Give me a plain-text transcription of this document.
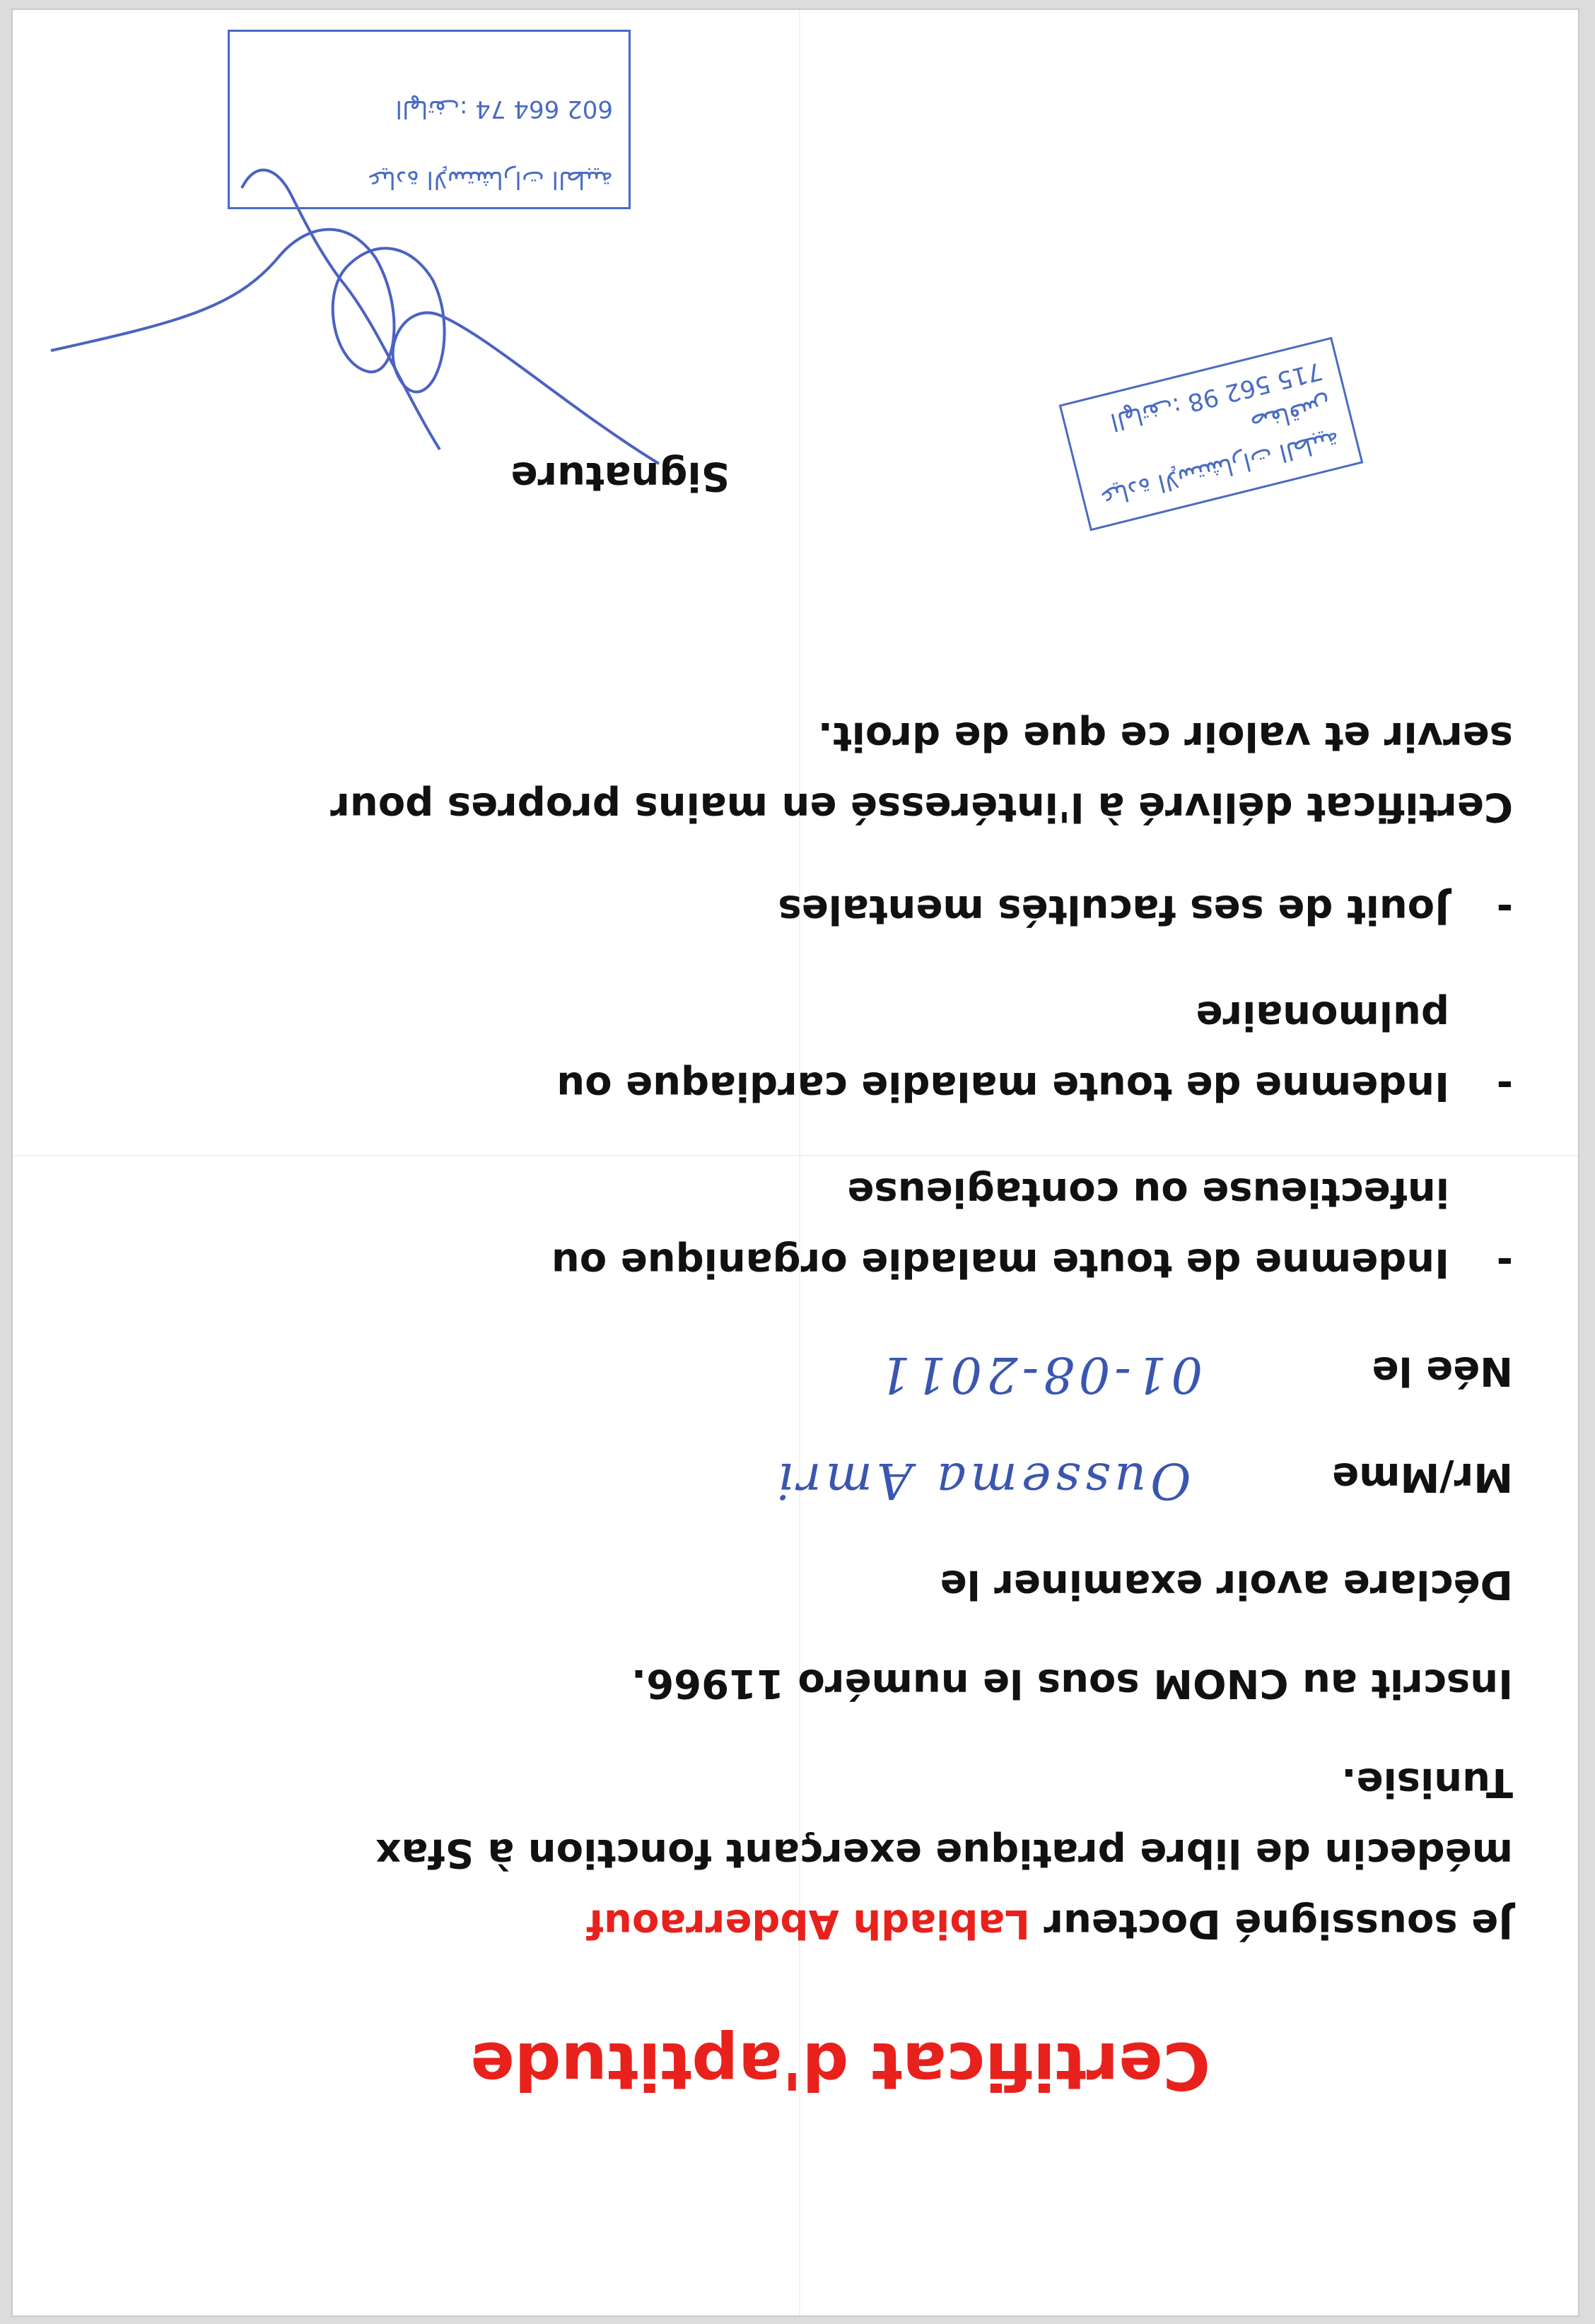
Certificat d'aptitude
Je soussigné Docteur Labiadh Abderraouf
médecin de libre pratique exerçant fonction à Sfax
Tunisie.
Inscrit au CNOM sous le numéro 11966.
Déclare avoir examiner le
Mr/Mme Oussema Amri
Née le 01-08-2011
-Indemne de toute maladie organique ou
infectieuse ou contagieuse
-Indemne de toute maladie cardiaque ou
pulmonaire
-Jouit de ses facultés mentales
Certificat délivré à l'intéressé en mains propres pour
servir et valoir ce que de droit.
عيادة الإستشارات الطبية
صفاقس
الهاتف: 98 562 715
Signature
عيادة الإستشارات الطبية
الهاتف: 74 664 602
